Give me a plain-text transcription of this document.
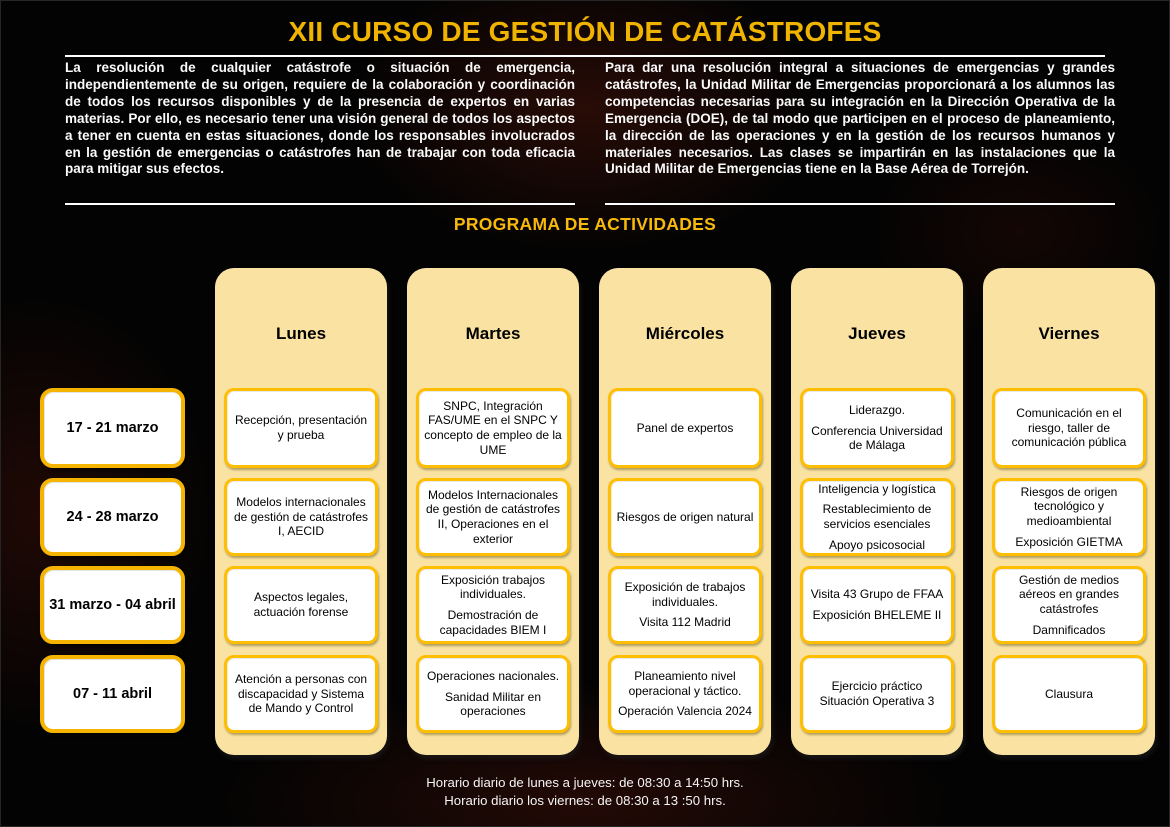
XII CURSO DE GESTIÓN DE CATÁSTROFES

La resolución de cualquier catástrofe o situación de emergencia, independientemente de su origen, requiere de la colaboración y coordinación de todos los recursos disponibles y de la presencia de expertos en varias materias. Por ello, es necesario tener una visión general de todos los aspectos a tener en cuenta en estas situaciones, donde los responsables involucrados en la gestión de emergencias o catástrofes han de trabajar con toda eficacia para mitigar sus efectos.

Para dar una resolución integral a situaciones de emergencias y grandes catástrofes, la Unidad Militar de Emergencias proporcionará a los alumnos las competencias necesarias para su integración en la Dirección Operativa de la Emergencia (DOE), de tal modo que participen en el proceso de planeamiento, la dirección de las operaciones y en la gestión de los recursos humanos y materiales necesarios. Las clases se impartirán en las instalaciones que la Unidad Militar de Emergencias tiene en la Base Aérea de Torrejón.

PROGRAMA DE ACTIVIDADES
17 - 21 marzo
24 - 28 marzo
31 marzo - 04 abril
07 - 11 abril
Lunes

Recepción, presentación y prueba

Modelos internacionales de gestión de catástrofes I, AECID

Aspectos legales, actuación forense

Atención a personas con discapacidad y Sistema de Mando y Control

Martes

SNPC, Integración FAS/UME en el SNPC Y concepto de empleo de la UME

Modelos Internacionales de gestión de catástrofes II, Operaciones en el exterior

Exposición trabajos individuales.

Demostración de capacidades BIEM I

Operaciones nacionales.

Sanidad Militar en operaciones

Miércoles

Panel de expertos

Riesgos de origen natural

Exposición de trabajos individuales.

Visita 112 Madrid

Planeamiento nivel operacional y táctico.

Operación Valencia 2024

Jueves

Liderazgo.

Conferencia Universidad de Málaga

Inteligencia y logística

Restablecimiento de servicios esenciales

Apoyo psicosocial

Visita 43 Grupo de FFAA

Exposición BHELEME II

Ejercicio práctico Situación Operativa 3

Viernes

Comunicación en el riesgo, taller de comunicación pública

Riesgos de origen tecnológico y medioambiental

Exposición GIETMA

Gestión de medios aéreos en grandes catástrofes

Damnificados

Clausura

Horario diario de lunes a jueves: de 08:30 a 14:50 hrs.
Horario diario los viernes: de 08:30 a 13 :50 hrs.
